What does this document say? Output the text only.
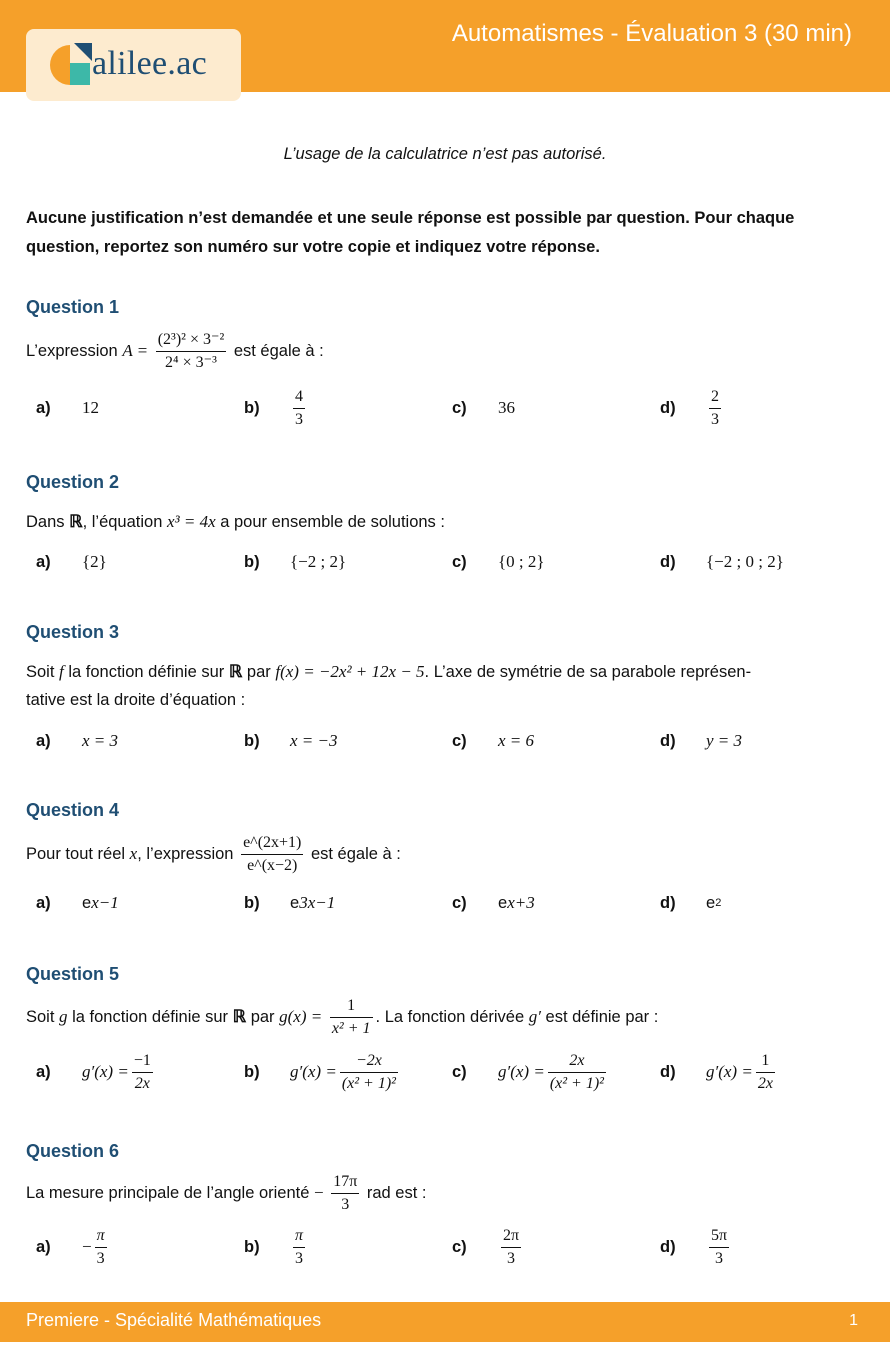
alilee.ac
Automatismes - Évaluation 3 (30 min)
L’usage de la calculatrice n’est pas autorisé.
Aucune justification n’est demandée et une seule réponse est possible par question. Pour chaque question, reportez son numéro sur votre copie et indiquez votre réponse.
Question 1
L’expression $A = \frac{\text{(2³)² × 3⁻²}}{\text{2⁴ × 3⁻³}}$ est égale à :
a)	12	b)	$\frac{4}{3}$	c)	36	d)	$\frac{2}{3}$
Question 2
Dans ℝ, l’équation x³ = 4x a pour ensemble de solutions :
a)	{2}	b)	{−2 ; 2}	c)	{0 ; 2}	d)	{−2 ; 0 ; 2}
Question 3
Soit f la fonction définie sur ℝ par f(x) = −2x² + 12x − 5. L’axe de symétrie de sa parabole représen-
tative est la droite d’équation :
a)	x = 3	b)	x = −3	c)	x = 6	d)	y = 3
Question 4
Pour tout réel x, l’expression $\frac{e\^{}(2x+1)}{e\^{}(x-2)}$ est égale à :
a)	e x−1	b)	e 3x−1	c)	e x+3	d)	e 2
Question 5
Soit g la fonction définie sur ℝ par $g(x) = \frac{1}{\text{x² + 1}}$ . La fonction dérivée g′ est définie par :
a)	$g'(x) = \frac{-1}{2x}$	b)	$g'(x) = \frac{-2x}{\text{(x² + 1)²}}$	c)	$g'(x) = \frac{2x}{\text{(x² + 1)²}}$	d)	$g'(x) = \frac{1}{2x}$
Question 6
La mesure principale de l’angle orienté − $\frac{17\pi}{3}$ rad est :
a)	− $\frac{\pi}{3}$	b)	$\frac{\pi}{3}$	c)	$\frac{2\pi}{3}$	d)	$\frac{5\pi}{3}$
Premiere - Spécialité Mathématiques	1
